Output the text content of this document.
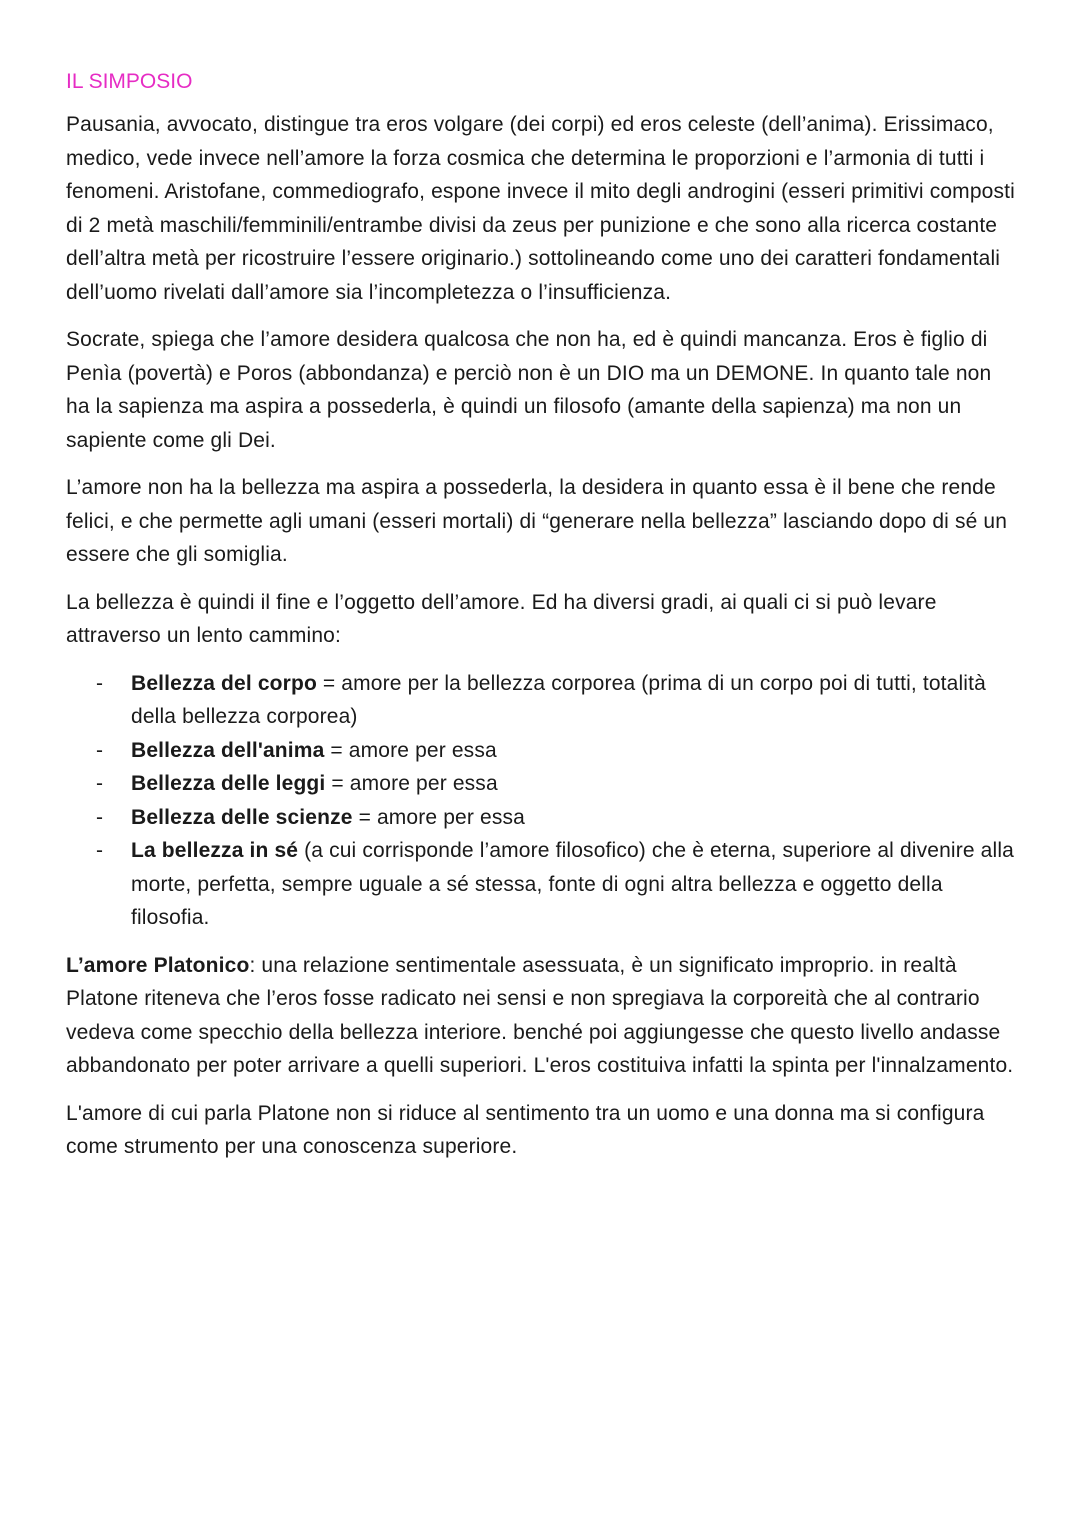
IL SIMPOSIO

Pausania, avvocato, distingue tra eros volgare (dei corpi) ed eros celeste (dell’anima). Erissimaco, medico, vede invece nell’amore la forza cosmica che determina le proporzioni e l’armonia di tutti i fenomeni. Aristofane, commediografo, espone invece il mito degli androgini (esseri primitivi composti di 2 metà maschili/femminili/entrambe divisi da zeus per punizione e che sono alla ricerca costante dell’altra metà per ricostruire l’essere originario.) sottolineando come uno dei caratteri fondamentali dell’uomo rivelati dall’amore sia l’incompletezza o l’insufficienza.

Socrate, spiega che l’amore desidera qualcosa che non ha, ed è quindi mancanza. Eros è figlio di Penìa (povertà) e Poros (abbondanza) e perciò non è un DIO ma un DEMONE. In quanto tale non ha la sapienza ma aspira a possederla, è quindi un filosofo (amante della sapienza) ma non un sapiente come gli Dei.

L’amore non ha la bellezza ma aspira a possederla, la desidera in quanto essa è il bene che rende felici, e che permette agli umani (esseri mortali) di “generare nella bellezza” lasciando dopo di sé un essere che gli somiglia.

La bellezza è quindi il fine e l’oggetto dell’amore. Ed ha diversi gradi, ai quali ci si può levare attraverso un lento cammino:

- Bellezza del corpo = amore per la bellezza corporea (prima di un corpo poi di tutti, totalità della bellezza corporea)
- Bellezza dell'anima = amore per essa
- Bellezza delle leggi = amore per essa
- Bellezza delle scienze = amore per essa
- La bellezza in sé (a cui corrisponde l’amore filosofico) che è eterna, superiore al divenire alla morte, perfetta, sempre uguale a sé stessa, fonte di ogni altra bellezza e oggetto della filosofia.

L’amore Platonico: una relazione sentimentale asessuata, è un significato improprio. in realtà Platone riteneva che l’eros fosse radicato nei sensi e non spregiava la corporeità che al contrario vedeva come specchio della bellezza interiore. benché poi aggiungesse che questo livello andasse abbandonato per poter arrivare a quelli superiori. L'eros costituiva infatti la spinta per l'innalzamento.

L'amore di cui parla Platone non si riduce al sentimento tra un uomo e una donna ma si configura come strumento per una conoscenza superiore.
